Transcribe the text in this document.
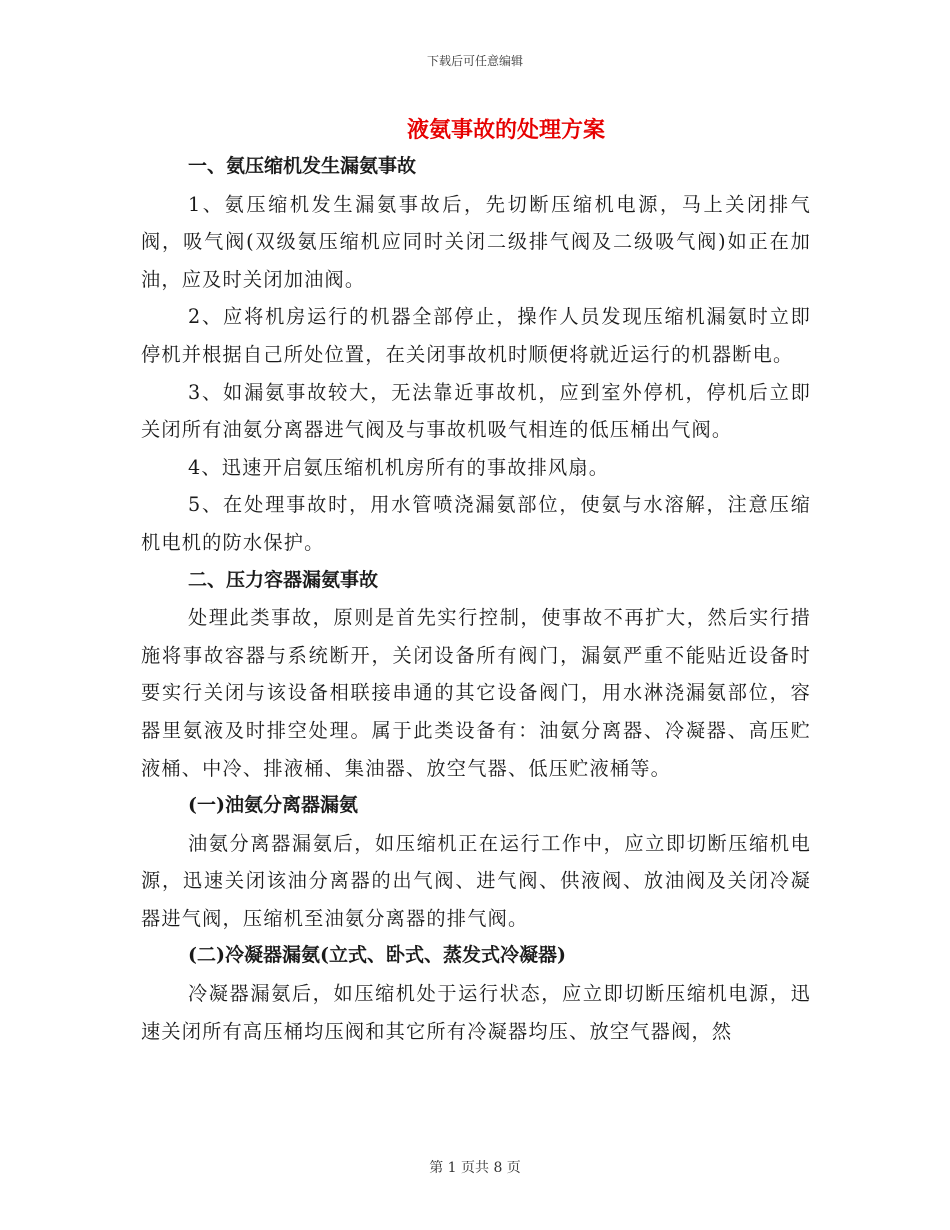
下载后可任意编辑
液氨事故的处理方案
一、氨压缩机发生漏氨事故
1、氨压缩机发生漏氨事故后，先切断压缩机电源，马上关闭排气阀，吸气阀(双级氨压缩机应同时关闭二级排气阀及二级吸气阀)如正在加油，应及时关闭加油阀。
2、应将机房运行的机器全部停止，操作人员发现压缩机漏氨时立即停机并根据自己所处位置，在关闭事故机时顺便将就近运行的机器断电。
3、如漏氨事故较大，无法靠近事故机，应到室外停机，停机后立即关闭所有油氨分离器进气阀及与事故机吸气相连的低压桶出气阀。
4、迅速开启氨压缩机机房所有的事故排风扇。
5、在处理事故时，用水管喷浇漏氨部位，使氨与水溶解，注意压缩机电机的防水保护。
二、压力容器漏氨事故
处理此类事故，原则是首先实行控制，使事故不再扩大，然后实行措施将事故容器与系统断开，关闭设备所有阀门，漏氨严重不能贴近设备时要实行关闭与该设备相联接串通的其它设备阀门，用水淋浇漏氨部位，容器里氨液及时排空处理。属于此类设备有：油氨分离器、冷凝器、高压贮液桶、中冷、排液桶、集油器、放空气器、低压贮液桶等。
(一)油氨分离器漏氨
油氨分离器漏氨后，如压缩机正在运行工作中，应立即切断压缩机电源，迅速关闭该油分离器的出气阀、进气阀、供液阀、放油阀及关闭冷凝器进气阀，压缩机至油氨分离器的排气阀。
(二)冷凝器漏氨(立式、卧式、蒸发式冷凝器)
冷凝器漏氨后，如压缩机处于运行状态，应立即切断压缩机电源，迅速关闭所有高压桶均压阀和其它所有冷凝器均压、放空气器阀，然
第 1 页共 8 页
